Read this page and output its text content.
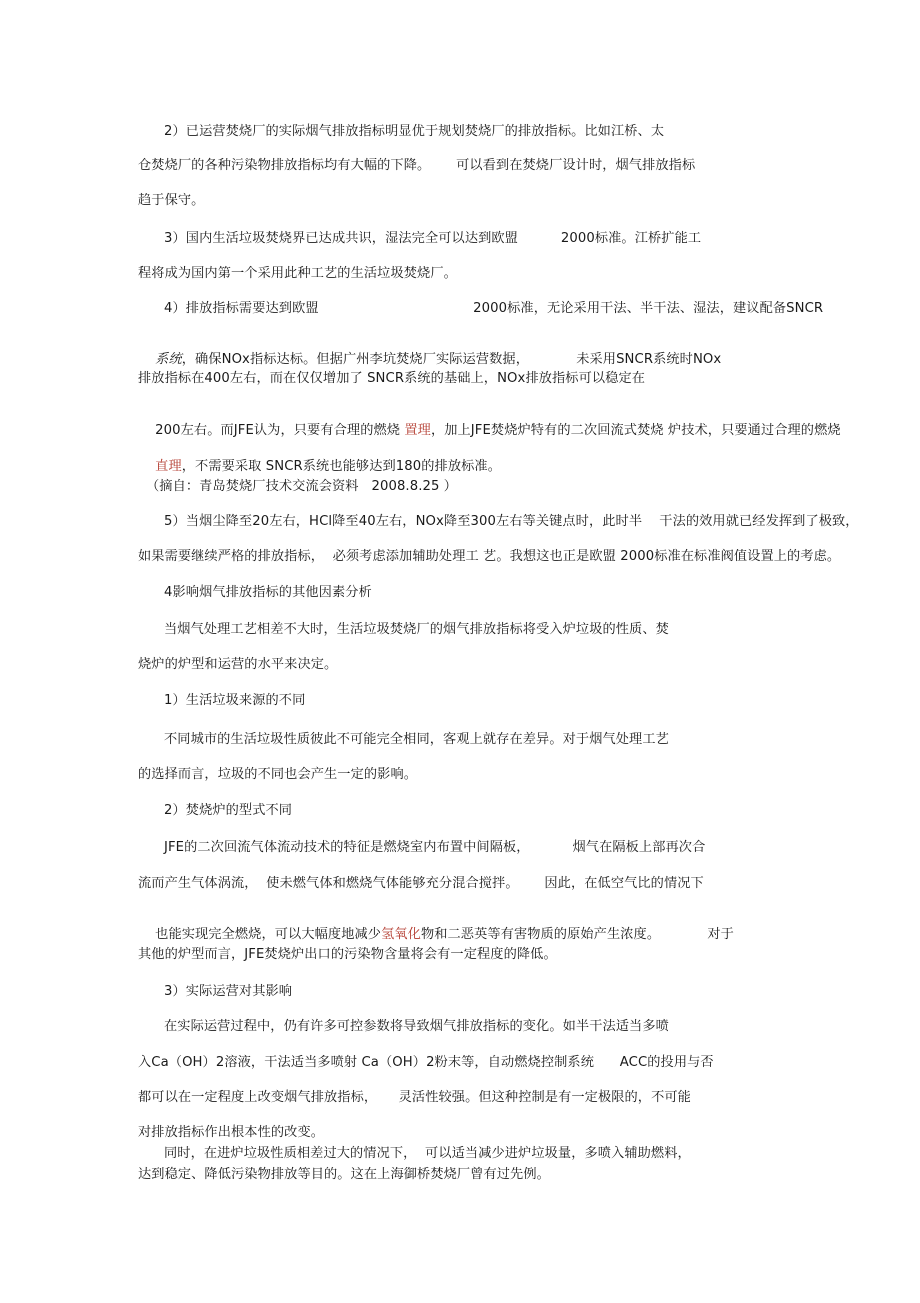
2）已运营焚烧厂的实际烟气排放指标明显优于规划焚烧厂的排放指标。比如江桥、太
仓焚烧厂的各种污染物排放指标均有大幅的下降。      可以看到在焚烧厂设计时，烟气排放指标
趋于保守。
3）国内生活垃圾焚烧界已达成共识，湿法完全可以达到欧盟          2000标准。江桥扩能工
程将成为国内第一个采用此种工艺的生活垃圾焚烧厂。
4）排放指标需要达到欧盟                                    2000标准，无论采用干法、半干法、湿法，建议配备SNCR

系统，确保NOx指标达标。但据广州李坑焚烧厂实际运营数据，           未采用SNCR系统时NOx

排放指标在400左右，而在仅仅增加了 SNCR系统的基础上，NOx排放指标可以稳定在

200左右。而JFE认为，只要有合理的燃烧 置理，加上JFE焚烧炉特有的二次回流式焚烧 炉技术，只要通过合理的燃烧

直理，不需要采取 SNCR系统也能够达到180的排放标准。

（摘自：青岛焚烧厂技术交流会资料   2008.8.25 ）
5）当烟尘降至20左右，HCl降至40左右，NOx降至300左右等关键点时，此时半    干法的效用就已经发挥到了极致，
如果需要继续严格的排放指标，  必须考虑添加辅助处理工 艺。我想这也正是欧盟 2000标准在标准阀值设置上的考虑。
4影响烟气排放指标的其他因素分析
当烟气处理工艺相差不大时，生活垃圾焚烧厂的烟气排放指标将受入炉垃圾的性质、焚
烧炉的炉型和运营的水平来决定。
1）生活垃圾来源的不同
不同城市的生活垃圾性质彼此不可能完全相同，客观上就存在差异。对于烟气处理工艺
的选择而言，垃圾的不同也会产生一定的影响。
2）焚烧炉的型式不同
JFE的二次回流气体流动技术的特征是燃烧室内布置中间隔板，          烟气在隔板上部再次合
流而产生气体涡流，  使未燃气体和燃烧气体能够充分混合搅拌。      因此，在低空气比的情况下

也能实现完全燃烧，可以大幅度地减少氢氧化物和二恶英等有害物质的原始产生浓度。           对于

其他的炉型而言，JFE焚烧炉出口的污染物含量将会有一定程度的降低。
3）实际运营对其影响
在实际运营过程中，仍有许多可控参数将导致烟气排放指标的变化。如半干法适当多喷
入Ca（OH）2溶液，干法适当多喷射 Ca（OH）2粉末等，自动燃烧控制系统      ACC的投用与否
都可以在一定程度上改变烟气排放指标，     灵活性较强。但这种控制是有一定极限的，不可能
对排放指标作出根本性的改变。
同时，在进炉垃圾性质相差过大的情况下，  可以适当减少进炉垃圾量，多喷入辅助燃料，
达到稳定、降低污染物排放等目的。这在上海御桥焚烧厂曾有过先例。
